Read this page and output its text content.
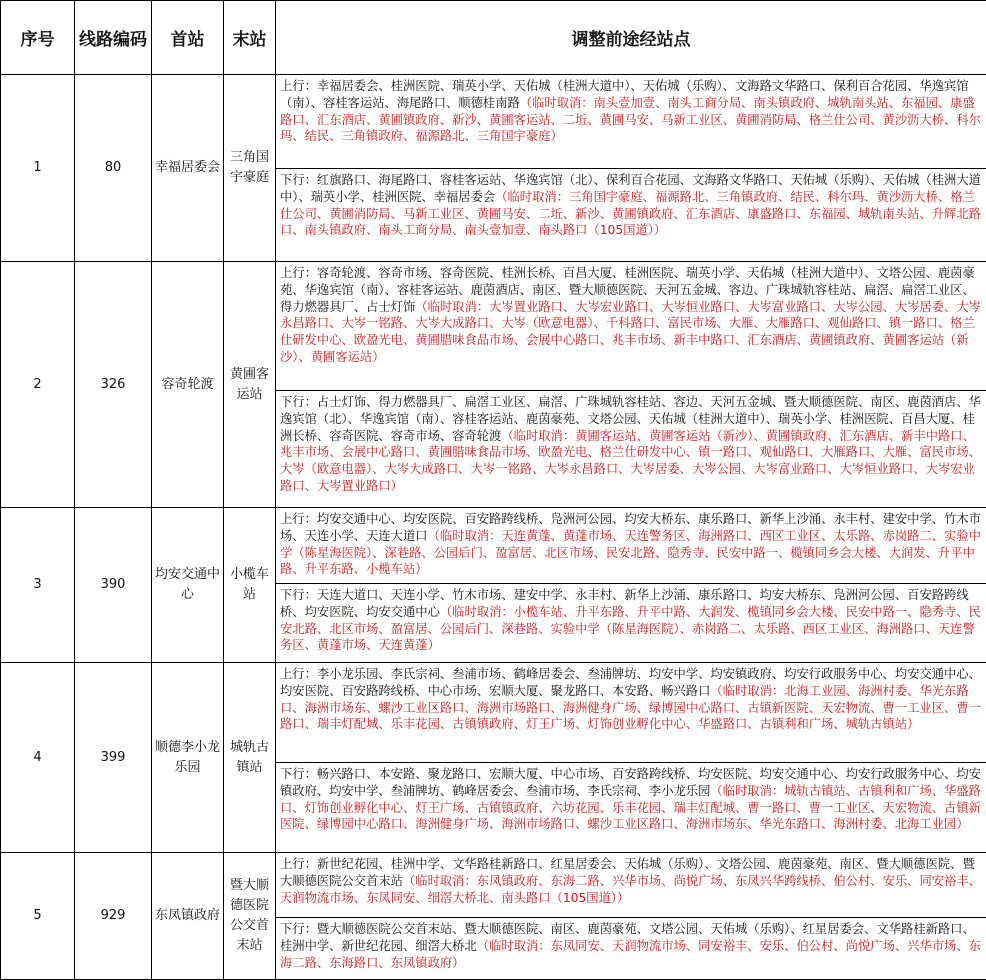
序号	线路编码	首站	末站	调整前途经站点
1	80	幸福居委会	三角国宇豪庭	上行：幸福居委会、桂洲医院、瑞英小学、天佑城（桂洲大道中）、天佑城（乐购）、文海路文华路口、保利百合花园、华逸宾馆（南）、容桂客运站、海尾路口、顺德桂南路（临时取消：南头壹加壹、南头工商分局、南头镇政府、城轨南头站、东福园、康盛路口、汇东酒店、黄圃镇政府、新沙、黄圃客运站、二坵、黄圃马安、马新工业区、黄圃消防局、格兰仕公司、黄沙沥大桥、科尔玛、结民、三角镇政府、福源路北、三角国宇豪庭）
下行：红旗路口、海尾路口、容桂客运站、华逸宾馆（北）、保利百合花园、文海路文华路口、天佑城（乐购）、天佑城（桂洲大道中）、瑞英小学、桂洲医院、幸福居委会（临时取消：三角国宇豪庭、福源路北、三角镇政府、结民、科尔玛、黄沙沥大桥、格兰仕公司、黄圃消防局、马新工业区、黄圃马安、二坵、新沙、黄圃镇政府、汇东酒店、康盛路口、东福园、城轨南头站、升辉北路口、南头镇政府、南头工商分局、南头壹加壹、南头路口（105国道））

2	326	容奇轮渡	黄圃客运站	上行：容奇轮渡、容奇市场、容奇医院、桂洲长桥、百昌大厦、桂洲医院、瑞英小学、天佑城（桂洲大道中）、文塔公园、鹿茵豪苑、华逸宾馆（南）、容桂客运站、鹿茵酒店、南区、暨大顺德医院、天河五金城、容边、广珠城轨容桂站、扁滘、扁滘工业区、得力燃器具厂、占士灯饰（临时取消：大岑置业路口、大岑宏业路口、大岑恒业路口、大岑富业路口、大岑公园、大岑居委、大岑永昌路口、大岑一铭路、大岑大成路口、大岑（欧意电器）、千科路口、富民市场、大雁、大雁路口、观仙路口、镇一路口、格兰仕研发中心、欧盈光电、黄圃腊味食品市场、会展中心路口、兆丰市场、新丰中路口、汇东酒店、黄圃镇政府、黄圃客运站（新沙）、黄圃客运站）
下行：占士灯饰、得力燃器具厂、扁滘工业区、扁滘、广珠城轨容桂站、容边、天河五金城、暨大顺德医院、南区、鹿茵酒店、华逸宾馆（北）、华逸宾馆（南）、容桂客运站、鹿茵豪苑、文塔公园、天佑城（桂洲大道中）、瑞英小学、桂洲医院、百昌大厦、桂洲长桥、容奇医院、容奇市场、容奇轮渡（临时取消：黄圃客运站、黄圃客运站（新沙）、黄圃镇政府、汇东酒店、新丰中路口、兆丰市场、会展中心路口、黄圃腊味食品市场、欧盈光电、格兰仕研发中心、镇一路口、观仙路口、大雁路口、大雁、富民市场、大岑（欧意电器）、大岑大成路口、大岑一铭路、大岑永昌路口、大岑居委、大岑公园、大岑富业路口、大岑恒业路口、大岑宏业路口、大岑置业路口）

3	390	均安交通中心	小榄车站	上行：均安交通中心、均安医院、百安路跨线桥、凫洲河公园、均安大桥东、康乐路口、新华上沙涌、永丰村、建安中学、竹木市场、天连小学、天连大道口（临时取消：天连黄蓬、黄蓬市场、天连警务区、海洲路口、西区工业区、太乐路、赤岗路二、实验中学（陈星海医院）、深巷路、公园后门、盈富居、北区市场、民安北路、隐秀寺、民安中路一、榄镇同乡会大楼、大润发、升平中路、升平东路、小榄车站）
下行：天连大道口、天连小学、竹木市场、建安中学、永丰村、新华上沙涌、康乐路口、均安大桥东、凫洲河公园、百安路跨线桥、均安医院、均安交通中心（临时取消：小榄车站、升平东路、升平中路、大润发、榄镇同乡会大楼、民安中路一、隐秀寺、民安北路、北区市场、盈富居、公园后门、深巷路、实验中学（陈星海医院）、赤岗路二、太乐路、西区工业区、海洲路口、天连警务区、黄蓬市场、天连黄蓬）

4	399	顺德李小龙乐园	城轨古镇站	上行：李小龙乐园、李氏宗祠、叁浦市场、鹤峰居委会、叁浦牌坊、均安中学、均安镇政府、均安行政服务中心、均安交通中心、均安医院、百安路跨线桥、中心市场、宏顺大厦、聚龙路口、本安路、畅兴路口（临时取消：北海工业园、海洲村委、华光东路口、海洲市场东、螺沙工业区路口、海洲市场路口、海洲健身广场、绿博园中心路口、古镇新医院、天宏物流、曹一工业区、曹一路口、瑞丰灯配城、乐丰花园、古镇镇政府、灯王广场、灯饰创业孵化中心、华盛路口、古镇利和广场、城轨古镇站）
下行：畅兴路口、本安路、聚龙路口、宏顺大厦、中心市场、百安路跨线桥、均安医院、均安交通中心、均安行政服务中心、均安镇政府、均安中学、叁浦牌坊、鹤峰居委会、叁浦市场、李氏宗祠、李小龙乐园（临时取消：城轨古镇站、古镇利和广场、华盛路口、灯饰创业孵化中心、灯王广场、古镇镇政府、六坊花园、乐丰花园、瑞丰灯配城、曹一路口、曹一工业区、天宏物流、古镇新医院、绿博园中心路口、海洲健身广场、海洲市场路口、螺沙工业区路口、海洲市场东、华光东路口、海洲村委、北海工业园）

5	929	东凤镇政府	暨大顺德医院公交首末站	上行：新世纪花园、桂洲中学、文华路桂新路口、红星居委会、天佑城（乐购）、文塔公园、鹿茵豪苑、南区、暨大顺德医院、暨大顺德医院公交首末站（临时取消：东凤镇政府、东海二路、兴华市场、尚悦广场、东凤兴华跨线桥、伯公村、安乐、同安裕丰、天润物流市场、东凤同安、细滘大桥北、南头路口（105国道））
下行：暨大顺德医院公交首末站、暨大顺德医院、南区、鹿茵豪苑、文塔公园、天佑城（乐购）、红星居委会、文华路桂新路口、桂洲中学、新世纪花园、细滘大桥北（临时取消：东凤同安、天润物流市场、同安裕丰、安乐、伯公村、尚悦广场、兴华市场、东海二路、东海路口、东凤镇政府）
